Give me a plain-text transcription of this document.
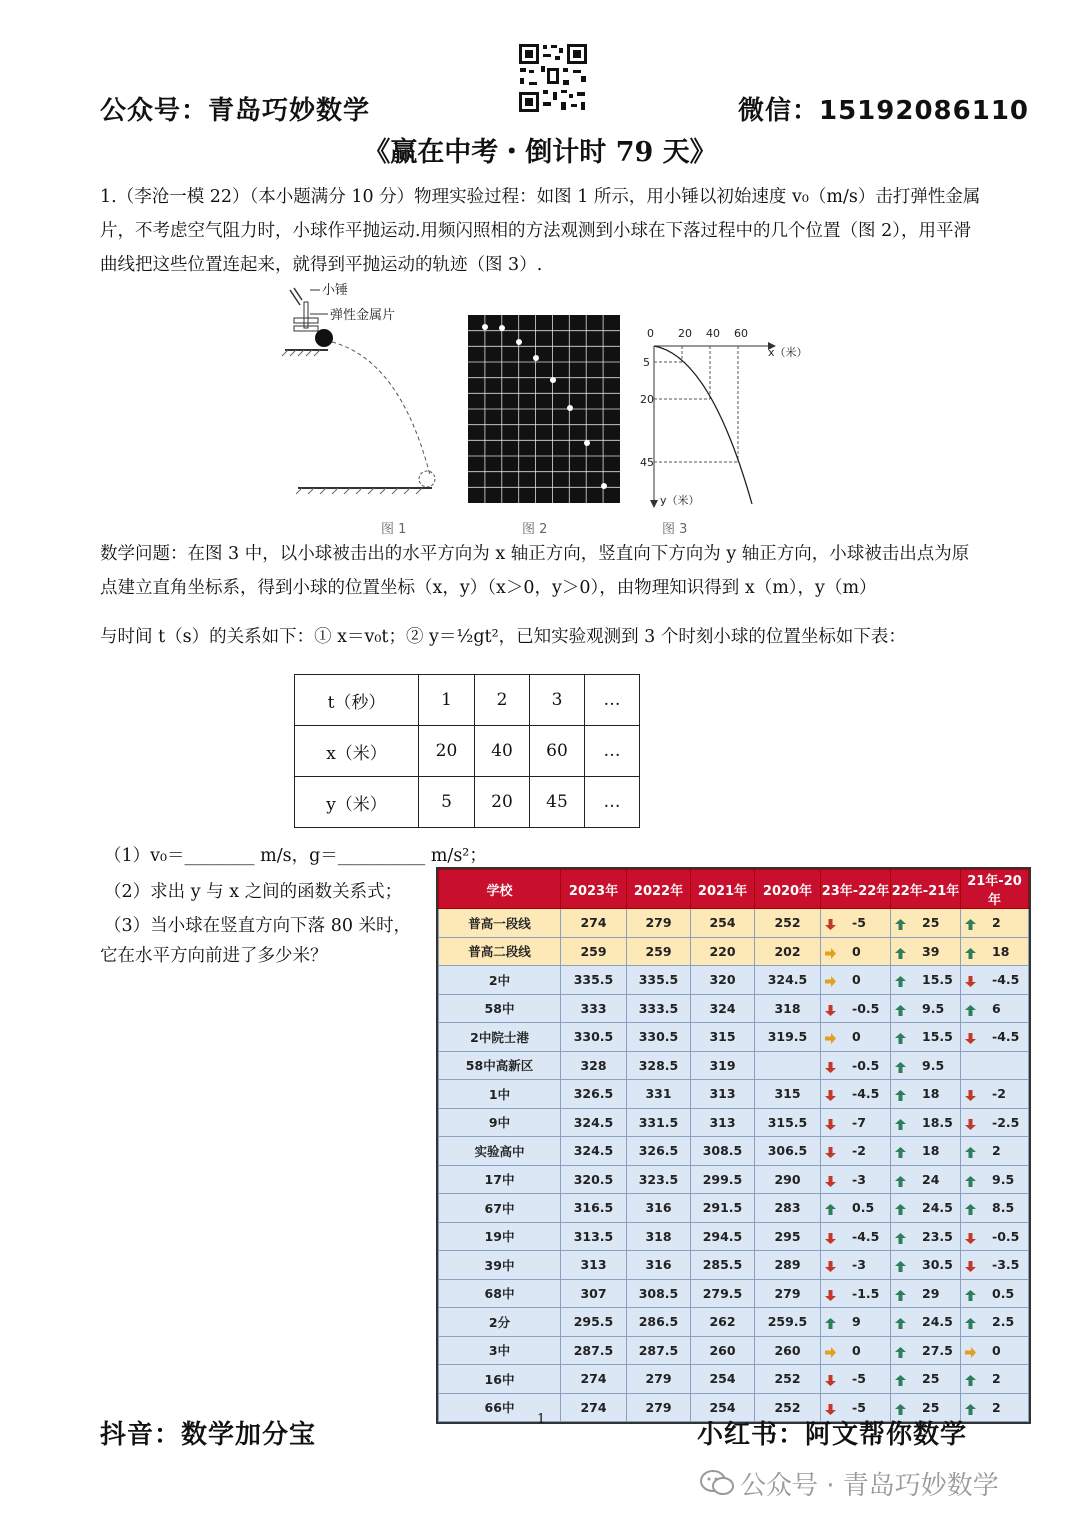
公众号：青岛巧妙数学	微信：15192086110
《赢在中考・倒计时 79 天》
1.（李沧一模 22）（本小题满分 10 分）物理实验过程：如图 1 所示，用小锤以初始速度 v₀（m/s）击打弹性金属片，不考虑空气阻力时，小球作平抛运动.用频闪照相的方法观测到小球在下落过程中的几个位置（图 2），用平滑曲线把这些位置连起来，就得到平抛运动的轨迹（图 3）.
小锤
弹性金属片
0 20 40 60
x（米）
5
20
45
y（米）
图 1	图 2	图 3
数学问题：在图 3 中，以小球被击出的水平方向为 x 轴正方向，竖直向下方向为 y 轴正方向，小球被击出点为原点建立直角坐标系，得到小球的位置坐标（x，y）（x＞0，y＞0），由物理知识得到 x（m），y（m）
与时间 t（s）的关系如下：① x＝v₀t；② y＝½gt²，已知实验观测到 3 个时刻小球的位置坐标如下表：
t（秒）	1	2	3	…
x（米）	20	40	60	…
y（米）	5	20	45	…
（1）v₀＝________ m/s，g＝__________ m/s²；
（2）求出 y 与 x 之间的函数关系式；
（3）当小球在竖直方向下落 80 米时，
它在水平方向前进了多少米？
学校	2023年	2022年	2021年	2020年	23年-22年	22年-21年	21年-20年
普高一段线	274	279	254	252	-5	25	2
普高二段线	259	259	220	202	0	39	18
2中	335.5	335.5	320	324.5	0	15.5	-4.5
58中	333	333.5	324	318	-0.5	9.5	6
2中院士港	330.5	330.5	315	319.5	0	15.5	-4.5
58中高新区	328	328.5	319		-0.5	9.5	
1中	326.5	331	313	315	-4.5	18	-2
9中	324.5	331.5	313	315.5	-7	18.5	-2.5
实验高中	324.5	326.5	308.5	306.5	-2	18	2
17中	320.5	323.5	299.5	290	-3	24	9.5
67中	316.5	316	291.5	283	0.5	24.5	8.5
19中	313.5	318	294.5	295	-4.5	23.5	-0.5
39中	313	316	285.5	289	-3	30.5	-3.5
68中	307	308.5	279.5	279	-1.5	29	0.5
2分	295.5	286.5	262	259.5	9	24.5	2.5
3中	287.5	287.5	260	260	0	27.5	0
16中	274	279	254	252	-5	25	2
66中	274	279	254	252	-5	25	2
抖音：数学加分宝
1
小红书：阿文帮你数学
公众号 · 青岛巧妙数学
